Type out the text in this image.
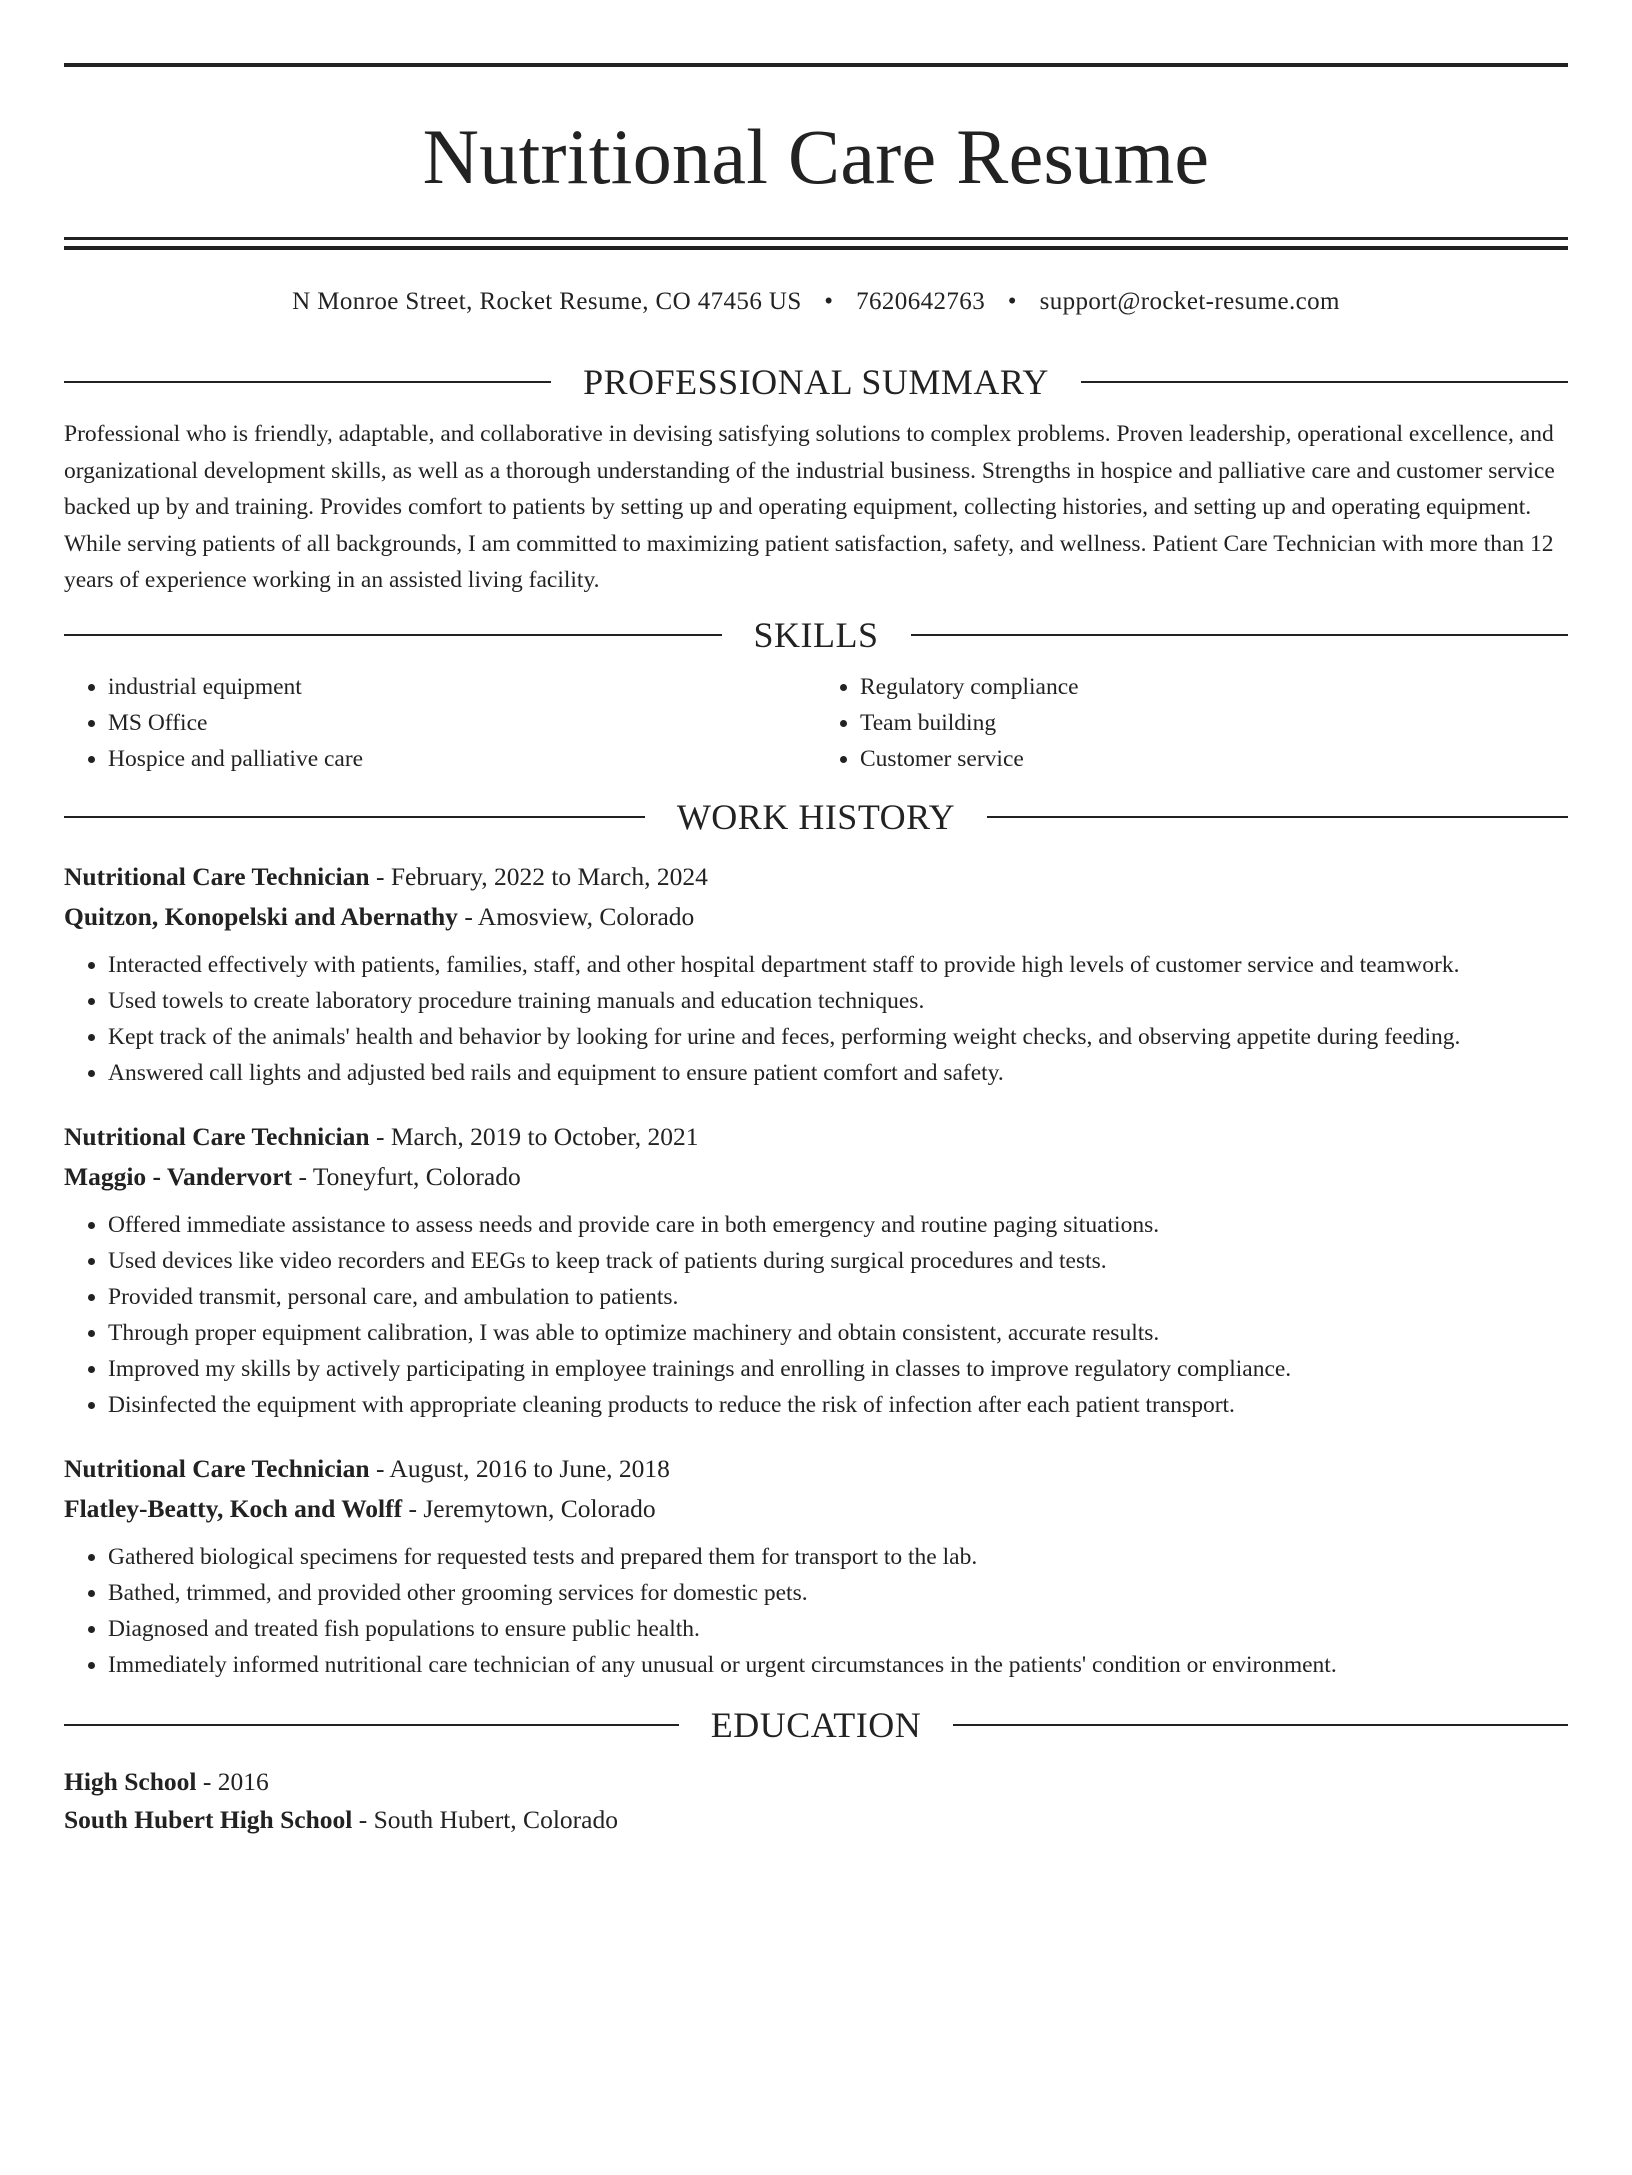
Nutritional Care Resume
N Monroe Street, Rocket Resume, CO 47456 US • 7620642763 • support@rocket-resume.com
PROFESSIONAL SUMMARY
Professional who is friendly, adaptable, and collaborative in devising satisfying solutions to complex problems. Proven leadership, operational excellence, and organizational development skills, as well as a thorough understanding of the industrial business. Strengths in hospice and palliative care and customer service backed up by and training. Provides comfort to patients by setting up and operating equipment, collecting histories, and setting up and operating equipment. While serving patients of all backgrounds, I am committed to maximizing patient satisfaction, safety, and wellness. Patient Care Technician with more than 12 years of experience working in an assisted living facility.
SKILLS
• industrial equipment
• MS Office
• Hospice and palliative care
• Regulatory compliance
• Team building
• Customer service
WORK HISTORY
Nutritional Care Technician - February, 2022 to March, 2024
Quitzon, Konopelski and Abernathy - Amosview, Colorado
• Interacted effectively with patients, families, staff, and other hospital department staff to provide high levels of customer service and teamwork.
• Used towels to create laboratory procedure training manuals and education techniques.
• Kept track of the animals' health and behavior by looking for urine and feces, performing weight checks, and observing appetite during feeding.
• Answered call lights and adjusted bed rails and equipment to ensure patient comfort and safety.
Nutritional Care Technician - March, 2019 to October, 2021
Maggio - Vandervort - Toneyfurt, Colorado
• Offered immediate assistance to assess needs and provide care in both emergency and routine paging situations.
• Used devices like video recorders and EEGs to keep track of patients during surgical procedures and tests.
• Provided transmit, personal care, and ambulation to patients.
• Through proper equipment calibration, I was able to optimize machinery and obtain consistent, accurate results.
• Improved my skills by actively participating in employee trainings and enrolling in classes to improve regulatory compliance.
• Disinfected the equipment with appropriate cleaning products to reduce the risk of infection after each patient transport.
Nutritional Care Technician - August, 2016 to June, 2018
Flatley-Beatty, Koch and Wolff - Jeremytown, Colorado
• Gathered biological specimens for requested tests and prepared them for transport to the lab.
• Bathed, trimmed, and provided other grooming services for domestic pets.
• Diagnosed and treated fish populations to ensure public health.
• Immediately informed nutritional care technician of any unusual or urgent circumstances in the patients' condition or environment.
EDUCATION
High School - 2016
South Hubert High School - South Hubert, Colorado
